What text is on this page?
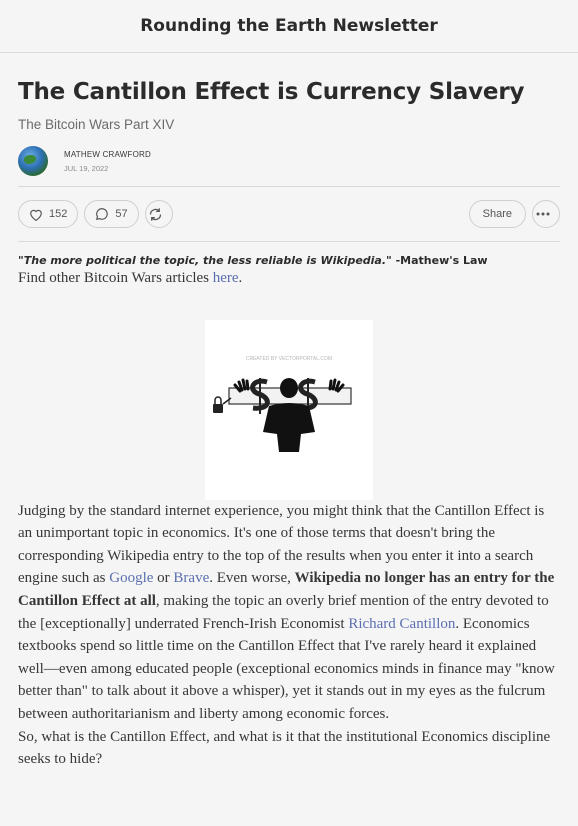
Rounding the Earth Newsletter
The Cantillon Effect is Currency Slavery
The Bitcoin Wars Part XIV
MATHEW CRAWFORD
JUL 19, 2022
152	57	Share
"The more political the topic, the less reliable is Wikipedia." -Mathew's Law

Find other Bitcoin Wars articles here.

CREATED BY VECTORPORTAL.COM

Judging by the standard internet experience, you might think that the Cantillon Effect is an unimportant topic in economics. It's one of those terms that doesn't bring the corresponding Wikipedia entry to the top of the results when you enter it into a search engine such as Google or Brave. Even worse, Wikipedia no longer has an entry for the Cantillon Effect at all, making the topic an overly brief mention of the entry devoted to the [exceptionally] underrated French-Irish Economist Richard Cantillon. Economics textbooks spend so little time on the Cantillon Effect that I've rarely heard it explained well—even among educated people (exceptional economics minds in finance may "know better than" to talk about it above a whisper), yet it stands out in my eyes as the fulcrum between authoritarianism and liberty among economic forces.

So, what is the Cantillon Effect, and what is it that the institutional Economics discipline seeks to hide?
